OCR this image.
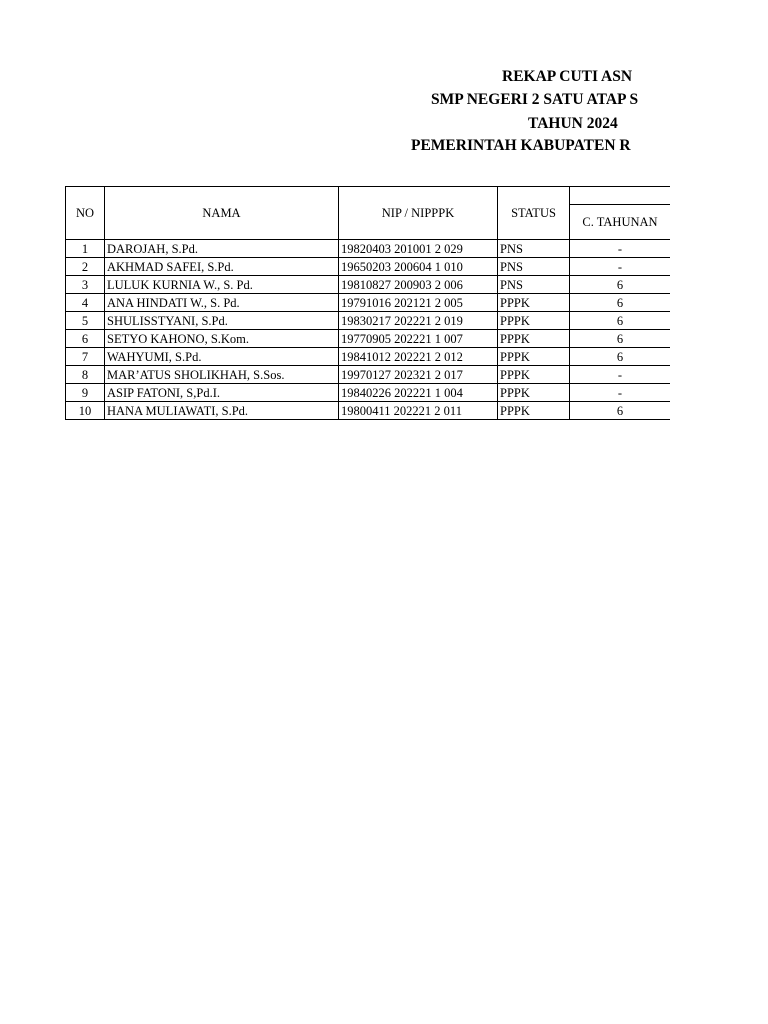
REKAP CUTI ASN
SMP NEGERI 2 SATU ATAP S
TAHUN 2024
PEMERINTAH KABUPATEN R
NO	NAMA	NIP / NIPPPK	STATUS		
				C. TAHUNAN	
1	DAROJAH, S.Pd.	19820403 201001 2 029	PNS	-	
2	AKHMAD SAFEI, S.Pd.	19650203 200604 1 010	PNS	-	
3	LULUK KURNIA W., S. Pd.	19810827 200903 2 006	PNS	6	
4	ANA HINDATI W., S. Pd.	19791016 202121 2 005	PPPK	6	
5	SHULISSTYANI, S.Pd.	19830217 202221 2 019	PPPK	6	
6	SETYO KAHONO, S.Kom.	19770905 202221 1 007	PPPK	6	
7	WAHYUMI, S.Pd.	19841012 202221 2 012	PPPK	6	
8	MAR’ATUS SHOLIKHAH, S.Sos.	19970127 202321 2 017	PPPK	-	
9	ASIP FATONI, S,Pd.I.	19840226 202221 1 004	PPPK	-	
10	HANA MULIAWATI, S.Pd.	19800411 202221 2 011	PPPK	6	
